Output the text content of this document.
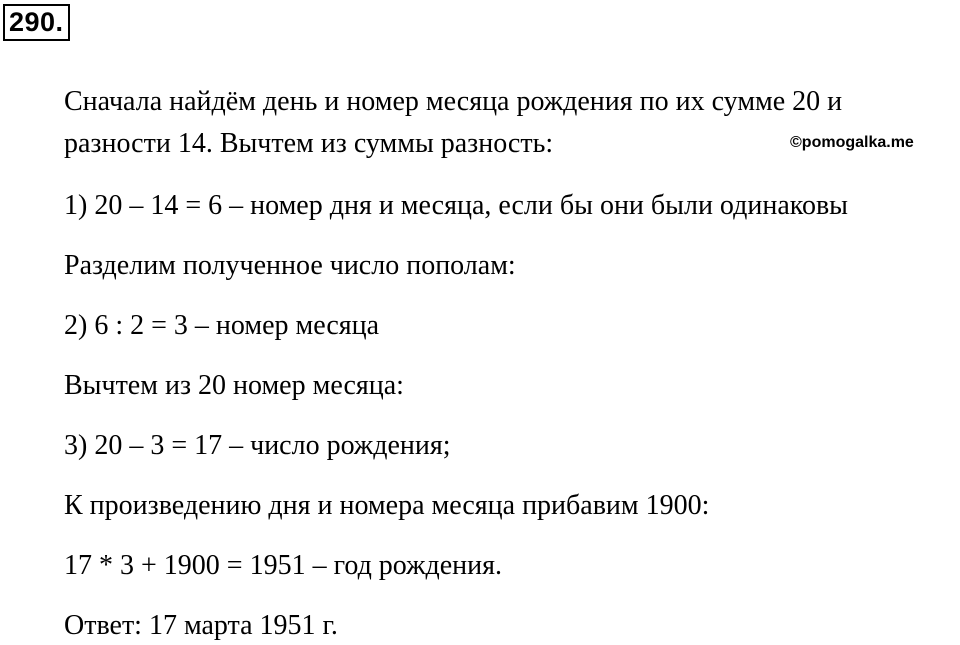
290.
©pomogalka.me
Сначала найдём день и номер месяца рождения по их сумме 20 и
разности 14. Вычтем из суммы разность:
1) 20 – 14 = 6 – номер дня и месяца, если бы они были одинаковы
Разделим полученное число пополам:
2) 6 : 2 = 3 – номер месяца
Вычтем из 20 номер месяца:
3) 20 – 3 = 17 – число рождения;
К произведению дня и номера месяца прибавим 1900:
17 * 3 + 1900 = 1951 – год рождения.
Ответ: 17 марта 1951 г.
